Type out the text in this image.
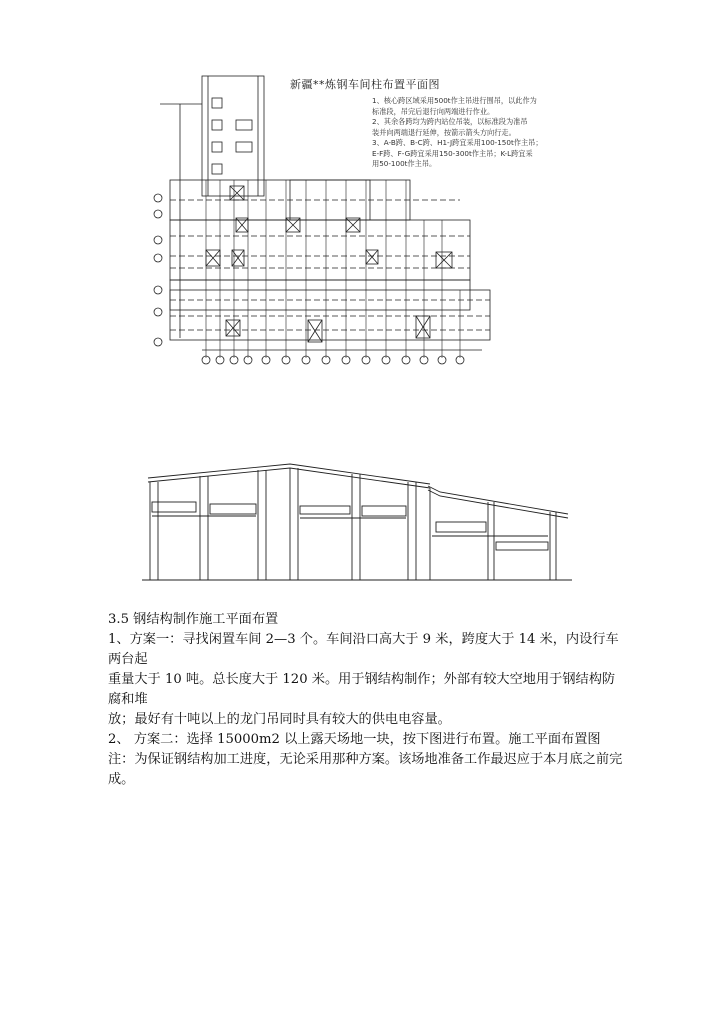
新疆**炼钢车间柱布置平面图
1、核心跨区域采用500t作主吊进行围吊，以此作为
标准段，吊完后退行向两端进行作业。
2、其余各跨均为跨内站位吊装，以标准段为准吊
装并向两端退行延伸，按箭示箭头方向行走。
3、A-B跨、B-C跨、H1-J跨宜采用100-150t作主吊；
E-F跨、F-G跨宜采用150-300t作主吊；K-L跨宜采
用50-100t作主吊。

3.5 钢结构制作施工平面布置

1、方案一：寻找闲置车间 2—3 个。车间沿口高大于 9 米，跨度大于 14 米，内设行车两台起

重量大于 10 吨。总长度大于 120 米。用于钢结构制作；外部有较大空地用于钢结构防腐和堆

放；最好有十吨以上的龙门吊同时具有较大的供电电容量。

2、 方案二：选择 15000m2 以上露天场地一块，按下图进行布置。施工平面布置图

注：为保证钢结构加工进度，无论采用那种方案。该场地准备工作最迟应于本月底之前完

成。
